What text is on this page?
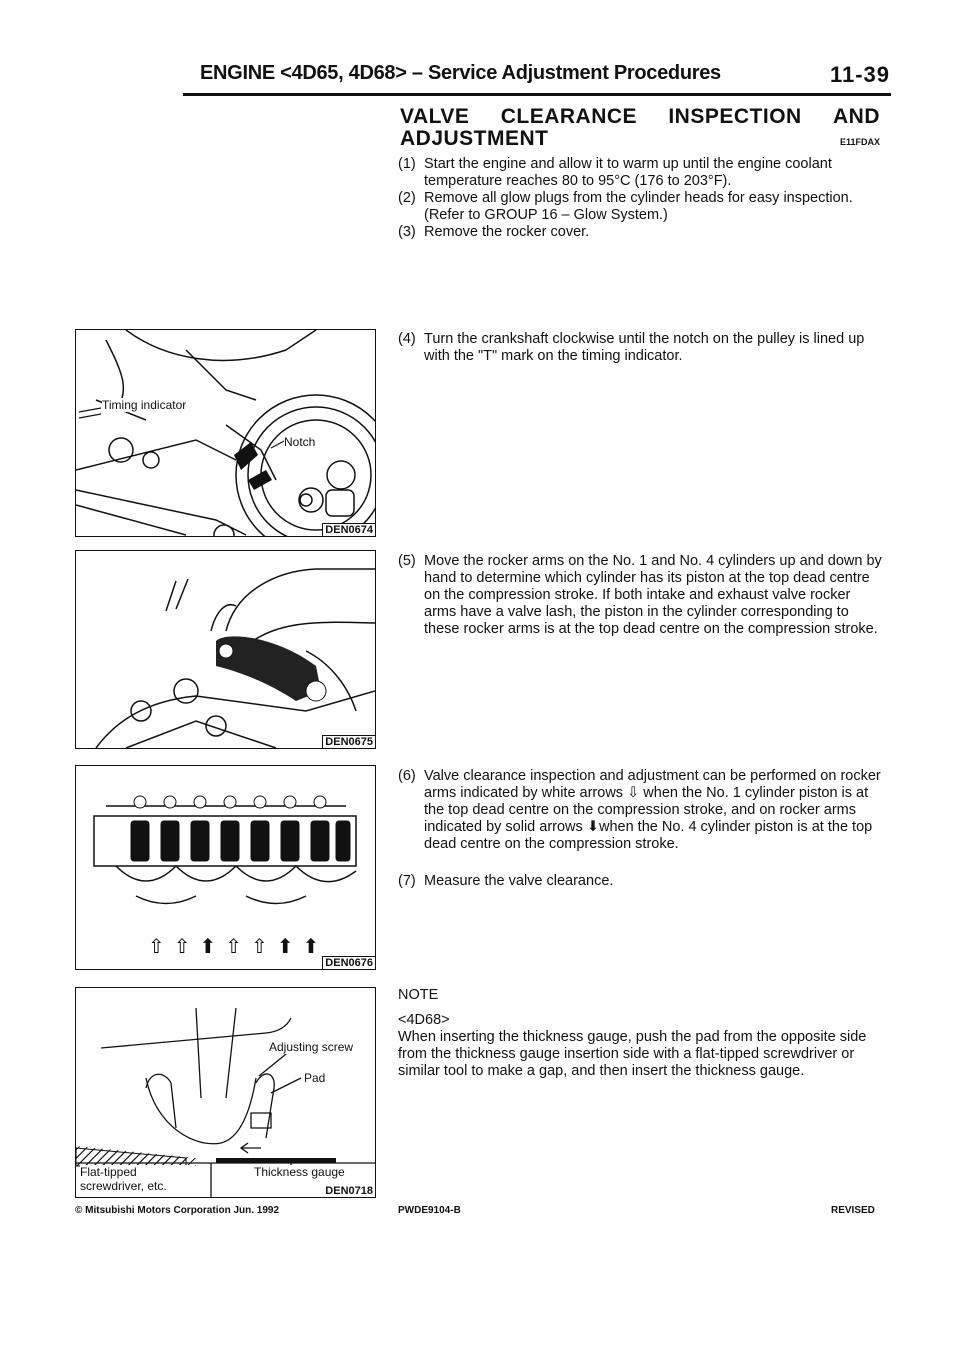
ENGINE <4D65, 4D68> – Service Adjustment Procedures	11-39
VALVE CLEARANCE INSPECTION AND
ADJUSTMENT	E11FDAX
(1) Start the engine and allow it to warm up until the engine coolant temperature reaches 80 to 95°C (176 to 203°F).
(2) Remove all glow plugs from the cylinder heads for easy inspection. (Refer to GROUP 16 – Glow System.)
(3) Remove the rocker cover.
(4) Turn the crankshaft clockwise until the notch on the pulley is lined up with the "T" mark on the timing indicator.
(5) Move the rocker arms on the No. 1 and No. 4 cylinders up and down by hand to determine which cylinder has its piston at the top dead centre on the compression stroke. If both intake and exhaust valve rocker arms have a valve lash, the piston in the cylinder corresponding to these rocker arms is at the top dead centre on the compression stroke.
(6) Valve clearance inspection and adjustment can be performed on rocker arms indicated by white arrows ⇩ when the No. 1 cylinder piston is at the top dead centre on the compression stroke, and on rocker arms indicated by solid arrows ⬇when the No. 4 cylinder piston is at the top dead centre on the compression stroke.
(7) Measure the valve clearance.
NOTE
<4D68>
When inserting the thickness gauge, push the pad from the opposite side from the thickness gauge insertion side with a flat-tipped screwdriver or similar tool to make a gap, and then insert the thickness gauge.
Timing indicator
Notch
DEN0674
DEN0675
⇧ ⇧ ⬆ ⇧ ⇧ ⬆ ⬆
DEN0676
Adjusting screw
Pad
Thickness gauge
Flat-tipped screwdriver, etc.	DEN0718
© Mitsubishi Motors Corporation Jun. 1992	PWDE9104-B	REVISED
